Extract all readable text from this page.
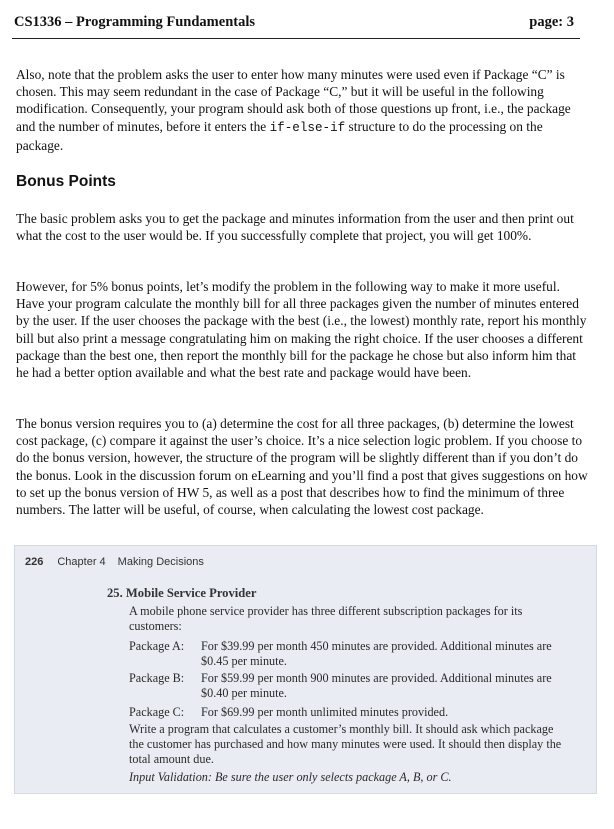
CS1336 – Programming Fundamentals	page: 3

Also, note that the problem asks the user to enter how many minutes were used even if Package “C” is chosen. This may seem redundant in the case of Package “C,” but it will be useful in the following modification. Consequently, your program should ask both of those questions up front, i.e., the package and the number of minutes, before it enters the if-else-if structure to do the processing on the package.

Bonus Points

The basic problem asks you to get the package and minutes information from the user and then print out what the cost to the user would be. If you successfully complete that project, you will get 100%.

However, for 5% bonus points, let’s modify the problem in the following way to make it more useful. Have your program calculate the monthly bill for all three packages given the number of minutes entered by the user. If the user chooses the package with the best (i.e., the lowest) monthly rate, report his monthly bill but also print a message congratulating him on making the right choice. If the user chooses a different package than the best one, then report the monthly bill for the package he chose but also inform him that he had a better option available and what the best rate and package would have been.

The bonus version requires you to (a) determine the cost for all three packages, (b) determine the lowest cost package, (c) compare it against the user’s choice. It’s a nice selection logic problem. If you choose to do the bonus version, however, the structure of the program will be slightly different than if you don’t do the bonus. Look in the discussion forum on eLearning and you’ll find a post that gives suggestions on how to set up the bonus version of HW 5, as well as a post that describes how to find the minimum of three numbers. The latter will be useful, of course, when calculating the lowest cost package.

226 Chapter 4 Making Decisions
25. Mobile Service Provider

A mobile phone service provider has three different subscription packages for its customers:

Package A:	For $39.99 per month 450 minutes are provided. Additional minutes are $0.45 per minute.
Package B:	For $59.99 per month 900 minutes are provided. Additional minutes are $0.40 per minute.
Package C:	For $69.99 per month unlimited minutes provided.

Write a program that calculates a customer’s monthly bill. It should ask which package the customer has purchased and how many minutes were used. It should then display the total amount due.

Input Validation: Be sure the user only selects package A, B, or C.
